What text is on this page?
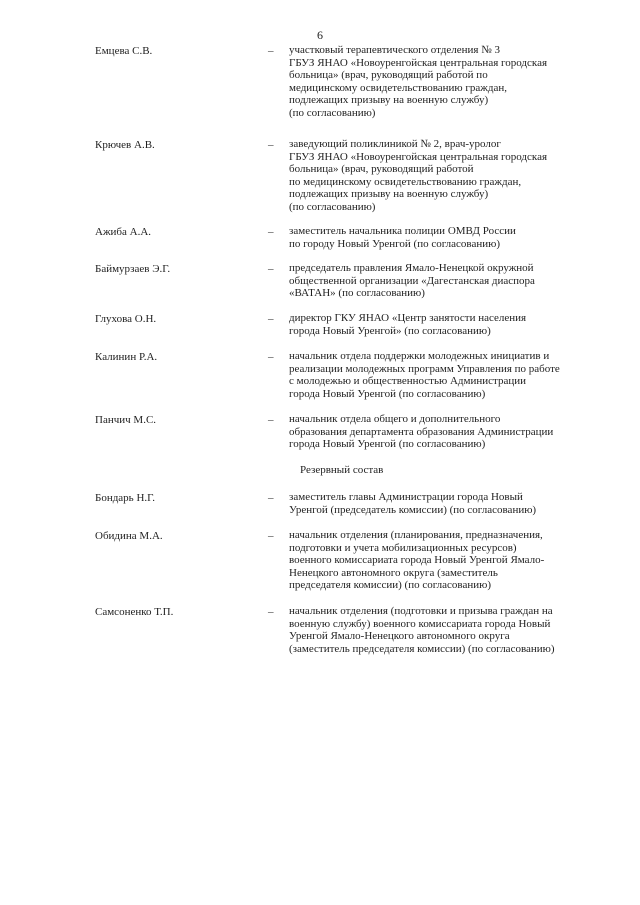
6
Емцева С.В.	– участковый терапевтического отделения № 3
ГБУЗ ЯНАО «Новоуренгойская центральная городская
больница» (врач, руководящий работой по
медицинскому освидетельствованию граждан,
подлежащих призыву на военную службу)
(по согласованию)
Крючев А.В.	– заведующий поликлиникой № 2, врач-уролог
ГБУЗ ЯНАО «Новоуренгойская центральная городская
больница» (врач, руководящий работой
по медицинскому освидетельствованию граждан,
подлежащих призыву на военную службу)
(по согласованию)
Ажиба А.А.	– заместитель начальника полиции ОМВД России
по городу Новый Уренгой (по согласованию)
Баймурзаев Э.Г.	– председатель правления Ямало-Ненецкой окружной
общественной организации «Дагестанская диаспора
«ВАТАН» (по согласованию)
Глухова О.Н.	– директор ГКУ ЯНАО «Центр занятости населения
города Новый Уренгой» (по согласованию)
Калинин Р.А.	– начальник отдела поддержки молодежных инициатив и
реализации молодежных программ Управления по работе
с молодежью и общественностью Администрации
города Новый Уренгой (по согласованию)
Панчич М.С.	– начальник отдела общего и дополнительного
образования департамента образования Администрации
города Новый Уренгой (по согласованию)
Резервный состав
Бондарь Н.Г.	– заместитель главы Администрации города Новый
Уренгой (председатель комиссии) (по согласованию)
Обидина М.А.	– начальник отделения (планирования, предназначения,
подготовки и учета мобилизационных ресурсов)
военного комиссариата города Новый Уренгой Ямало-
Ненецкого автономного округа (заместитель
председателя комиссии) (по согласованию)
Самсоненко Т.П.	– начальник отделения (подготовки и призыва граждан на
военную службу) военного комиссариата города Новый
Уренгой Ямало-Ненецкого автономного округа
(заместитель председателя комиссии) (по согласованию)
